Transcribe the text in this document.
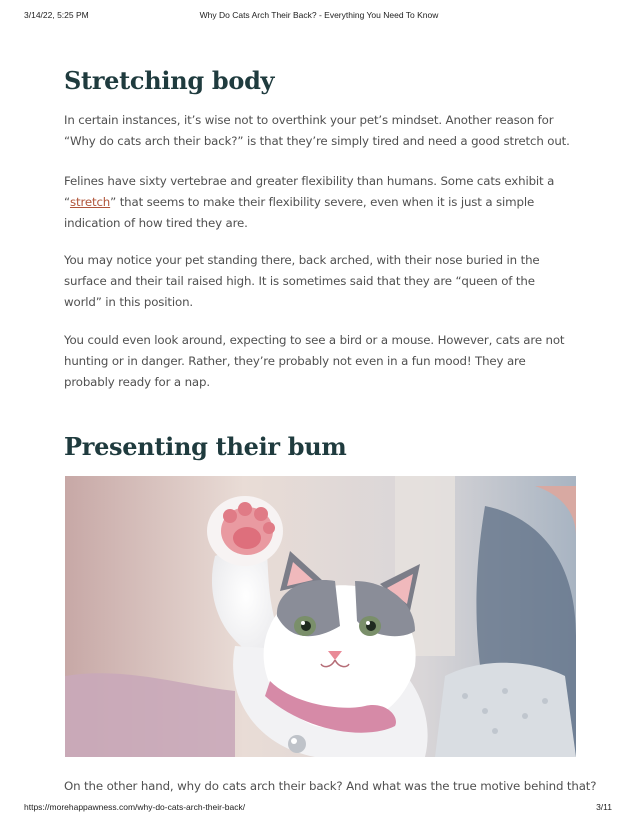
3/14/22, 5:25 PM	Why Do Cats Arch Their Back? - Everything You Need To Know
Stretching body

In certain instances, it’s wise not to overthink your pet’s mindset. Another reason for “Why do cats arch their back?” is that they’re simply tired and need a good stretch out.

Felines have sixty vertebrae and greater flexibility than humans. Some cats exhibit a “stretch” that seems to make their flexibility severe, even when it is just a simple indication of how tired they are.

You may notice your pet standing there, back arched, with their nose buried in the surface and their tail raised high. It is sometimes said that they are “queen of the world” in this position.

You could even look around, expecting to see a bird or a mouse. However, cats are not hunting or in danger. Rather, they’re probably not even in a fun mood! They are probably ready for a nap.

Presenting their bum

On the other hand, why do cats arch their back? And what was the true motive behind that?

https://morehappawness.com/why-do-cats-arch-their-back/	3/11
